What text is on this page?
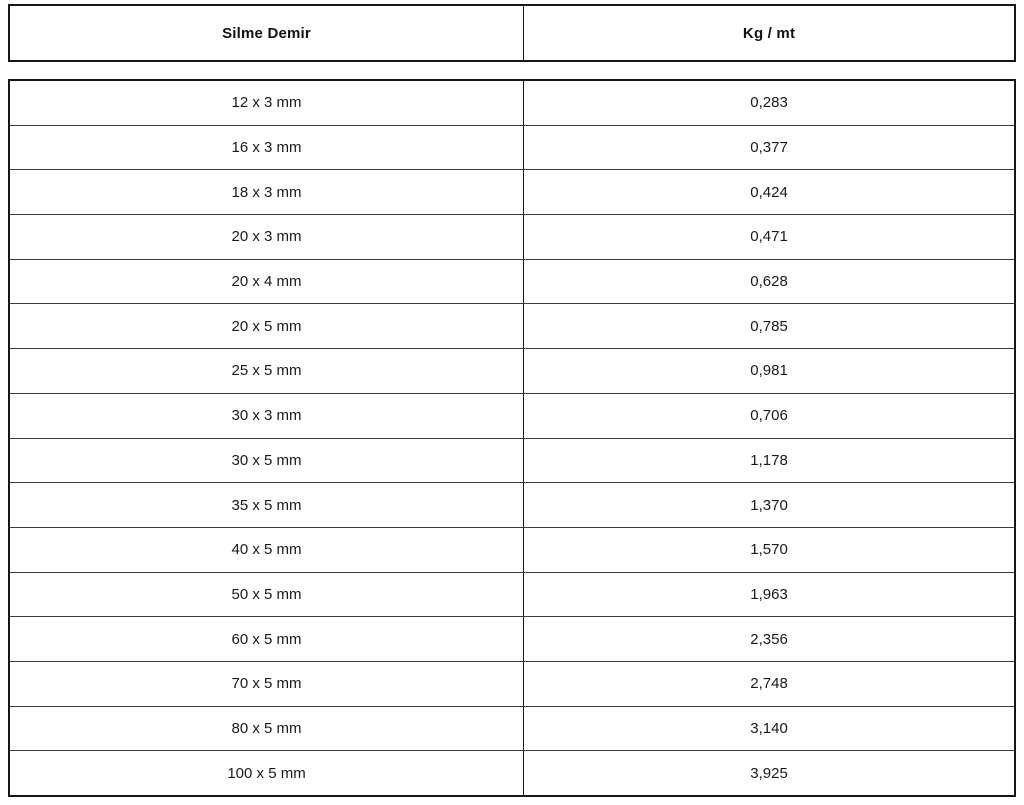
Silme Demir	Kg / mt
12 x 3 mm	0,283
16 x 3 mm	0,377
18 x 3 mm	0,424
20 x 3 mm	0,471
20 x 4 mm	0,628
20 x 5 mm	0,785
25 x 5 mm	0,981
30 x 3 mm	0,706
30 x 5 mm	1,178
35 x 5 mm	1,370
40 x 5 mm	1,570
50 x 5 mm	1,963
60 x 5 mm	2,356
70 x 5 mm	2,748
80 x 5 mm	3,140
100 x 5 mm	3,925
